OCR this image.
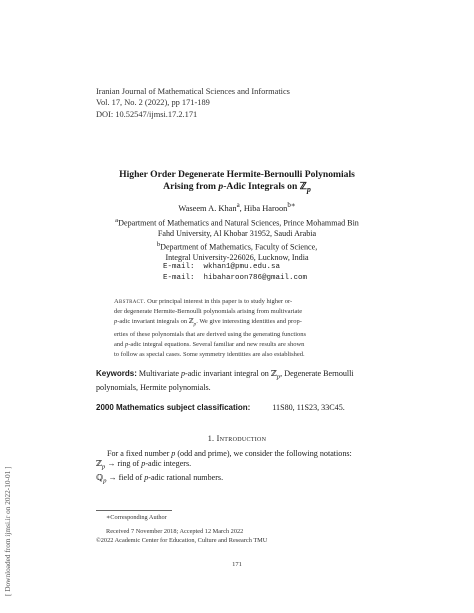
Iranian Journal of Mathematical Sciences and Informatics
Vol. 17, No. 2 (2022), pp 171-189
DOI: 10.52547/ijmsi.17.2.171
Higher Order Degenerate Hermite-Bernoulli Polynomials
Arising from p-Adic Integrals on ℤ$_p$
Waseem A. Khan$^a$, Hiba Haroon$^{b∗}$
$^a$Department of Mathematics and Natural Sciences, Prince Mohammad Bin
Fahd University, Al Khobar 31952, Saudi Arabia
$^b$Department of Mathematics, Faculty of Science,
Integral University-226026, Lucknow, India
E-mail: wkhan1@pmu.edu.sa
E-mail: hibaharoon786@gmail.com
Abstract. Our principal interest in this paper is to study higher or-
der degenerate Hermite-Bernoulli polynomials arising from multivariate
p-adic invariant integrals on ℤ$_p$. We give interesting identities and prop-
erties of these polynomials that are derived using the generating functions
and p-adic integral equations. Several familiar and new results are shown
to follow as special cases. Some symmetry identities are also established.
Keywords: Multivariate p-adic invariant integral on ℤ$_p$, Degenerate Bernoulli
polynomials, Hermite polynomials.
2000 Mathematics subject classification:	11S80, 11S23, 33C45.
1. Introduction
For a fixed number p (odd and prime), we consider the following notations:
ℤ$_p$ → ring of p-adic integers.
ℚ$_p$ → field of p-adic rational numbers.
∗Corresponding Author
Received 7 November 2018; Accepted 12 March 2022
©2022 Academic Center for Education, Culture and Research TMU
171
[ Downloaded from ijmsi.ir on 2022-10-01 ]
